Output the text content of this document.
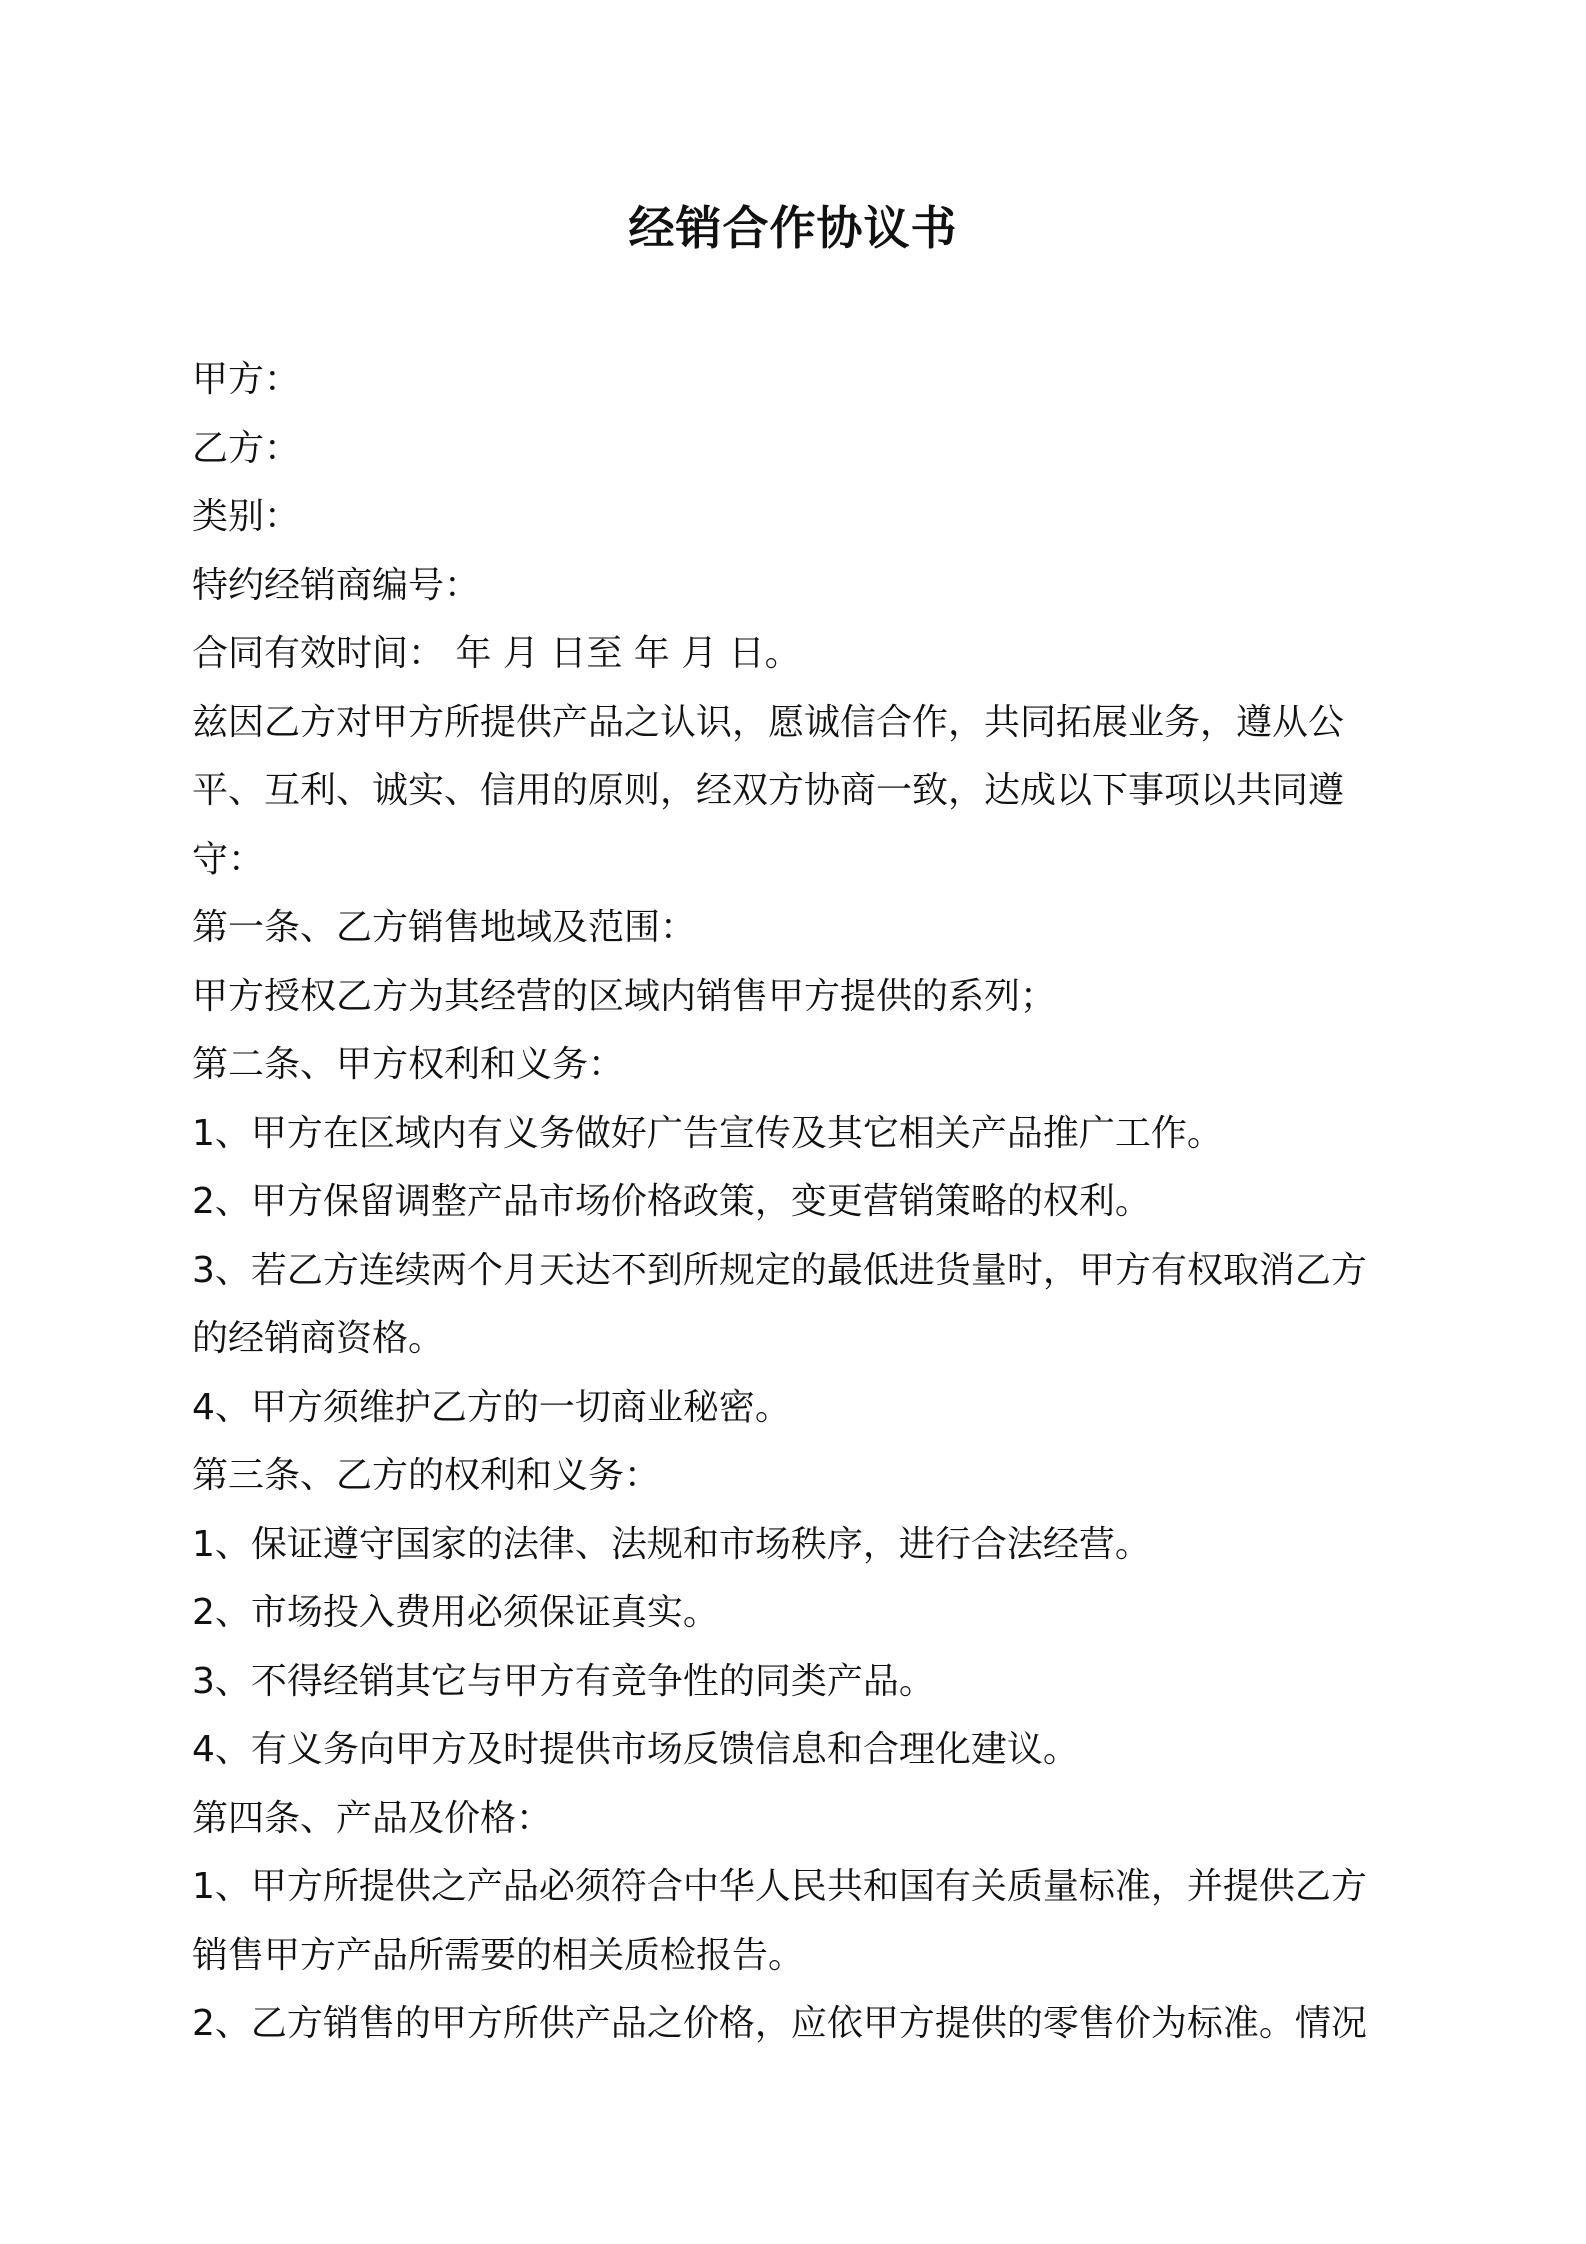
经销合作协议书
甲方：
乙方：
类别：
特约经销商编号：
合同有效时间： 年 月 日至 年 月 日。
兹因乙方对甲方所提供产品之认识，愿诚信合作，共同拓展业务，遵从公
平、互利、诚实、信用的原则，经双方协商一致，达成以下事项以共同遵
守：
第一条、乙方销售地域及范围：
甲方授权乙方为其经营的区域内销售甲方提供的系列；
第二条、甲方权利和义务：
1、甲方在区域内有义务做好广告宣传及其它相关产品推广工作。
2、甲方保留调整产品市场价格政策，变更营销策略的权利。
3、若乙方连续两个月天达不到所规定的最低进货量时，甲方有权取消乙方
的经销商资格。
4、甲方须维护乙方的一切商业秘密。
第三条、乙方的权利和义务：
1、保证遵守国家的法律、法规和市场秩序，进行合法经营。
2、市场投入费用必须保证真实。
3、不得经销其它与甲方有竞争性的同类产品。
4、有义务向甲方及时提供市场反馈信息和合理化建议。
第四条、产品及价格：
1、甲方所提供之产品必须符合中华人民共和国有关质量标准，并提供乙方
销售甲方产品所需要的相关质检报告。
2、乙方销售的甲方所供产品之价格，应依甲方提供的零售价为标准。情况
